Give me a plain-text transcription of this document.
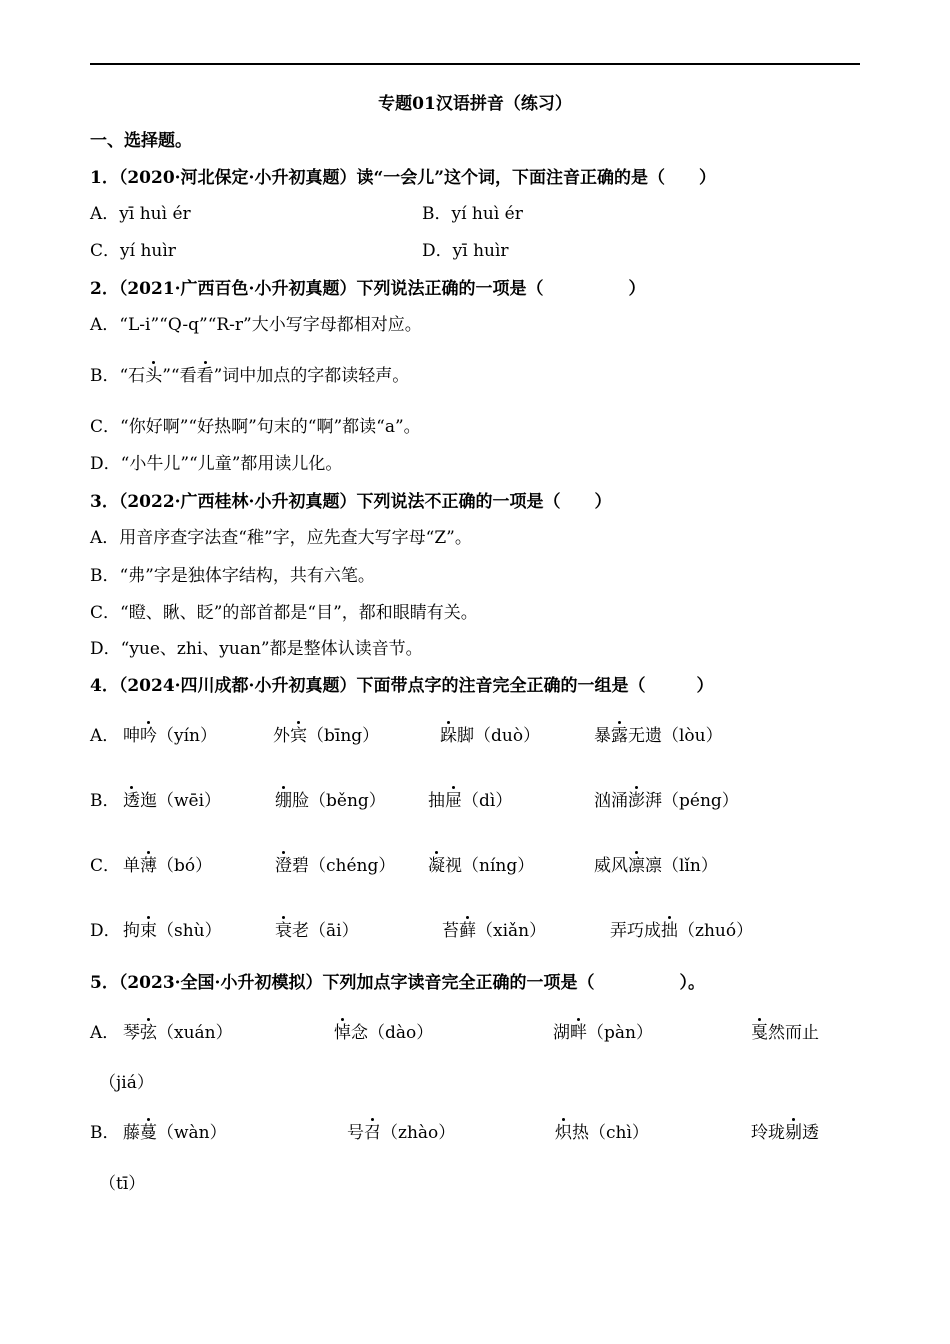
专题01汉语拼音（练习）
一、选择题。
1．（2020·河北保定·小升初真题）读“一会儿”这个词，下面注音正确的是（　　）
A．yī huì ér	B．yí huì ér
C．yí huìr	D．yī huìr
2．（2021·广西百色·小升初真题）下列说法正确的一项是（　　　　　）
A．“L-i”“Q-q”“R-r”大小写字母都相对应。
B．“石头”“看看”词中加点的字都读轻声。
C．“你好啊”“好热啊”句末的“啊”都读“a”。
D．“小牛儿”“儿童”都用读儿化。
3．（2022·广西桂林·小升初真题）下列说法不正确的一项是（　　）
A．用音序查字法查“稚”字，应先查大写字母“Z”。
B．“弗”字是独体字结构，共有六笔。
C．“瞪、瞅、眨”的部首都是“目”，都和眼睛有关。
D．“yue、zhi、yuan”都是整体认读音节。
4．（2024·四川成都·小升初真题）下面带点字的注音完全正确的一组是（　　　）
A． 呻吟（yín）	外宾（bīng）	跺脚（duò）	暴露无遗（lòu）
B． 透迤（wēi）	绷脸（běng） 抽屉（dì）	汹涌澎湃（péng）
C． 单薄（bó）	澄碧（chéng） 凝视（níng）	威风凛凛（lǐn）
D． 拘束（shù）	衰老（āi）	苔藓（xiǎn）	弄巧成拙（zhuó）
5．（2023·全国·小升初模拟）下列加点字读音完全正确的一项是（　　　　　）。
A． 琴弦（xuán）	悼念（dào）	湖畔（pàn）	戛然而止
（jiá）
B． 藤蔓（wàn）	号召（zhào）	炽热（chì）	玲珑剔透
（tī）
